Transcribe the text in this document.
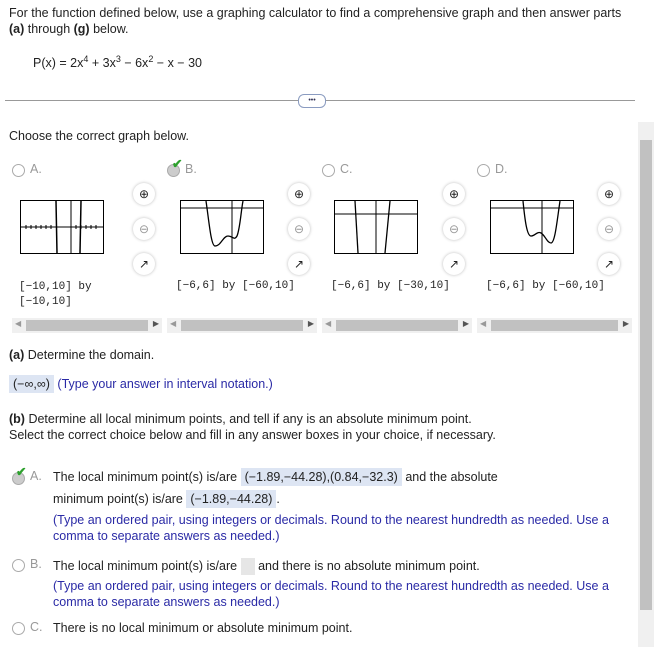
For the function defined below, use a graphing calculator to find a comprehensive graph and then answer parts
(a) through (g) below.
$P(x) = 2x^4 + 3x^3 - 6x^2 - x - 30$
•••
Choose the correct graph below.
A.
⊕
⊖
↗
[−10,10] by
[−10,10]
✔ B.
⊕
⊖
↗
[−6,6] by [−60,10]
C.
⊕
⊖
↗
[−6,6] by [−30,10]
D.
⊕
⊖
↗
[−6,6] by [−60,10]
◀	▶ ◀	▶ ◀	▶ ◀	▶
(a) Determine the domain.
(−∞,∞) (Type your answer in interval notation.)
(b) Determine all local minimum points, and tell if any is an absolute minimum point.
Select the correct choice below and fill in any answer boxes in your choice, if necessary.
✔ A. The local minimum point(s) is/are (−1.89,−44.28),(0.84,−32.3) and the absolute
minimum point(s) is/are (−1.89,−44.28) .
(Type an ordered pair, using integers or decimals. Round to the nearest hundredth as needed. Use a comma to separate answers as needed.)
B. The local minimum point(s) is/are and there is no absolute minimum point.
(Type an ordered pair, using integers or decimals. Round to the nearest hundredth as needed. Use a comma to separate answers as needed.)
C. There is no local minimum or absolute minimum point.
